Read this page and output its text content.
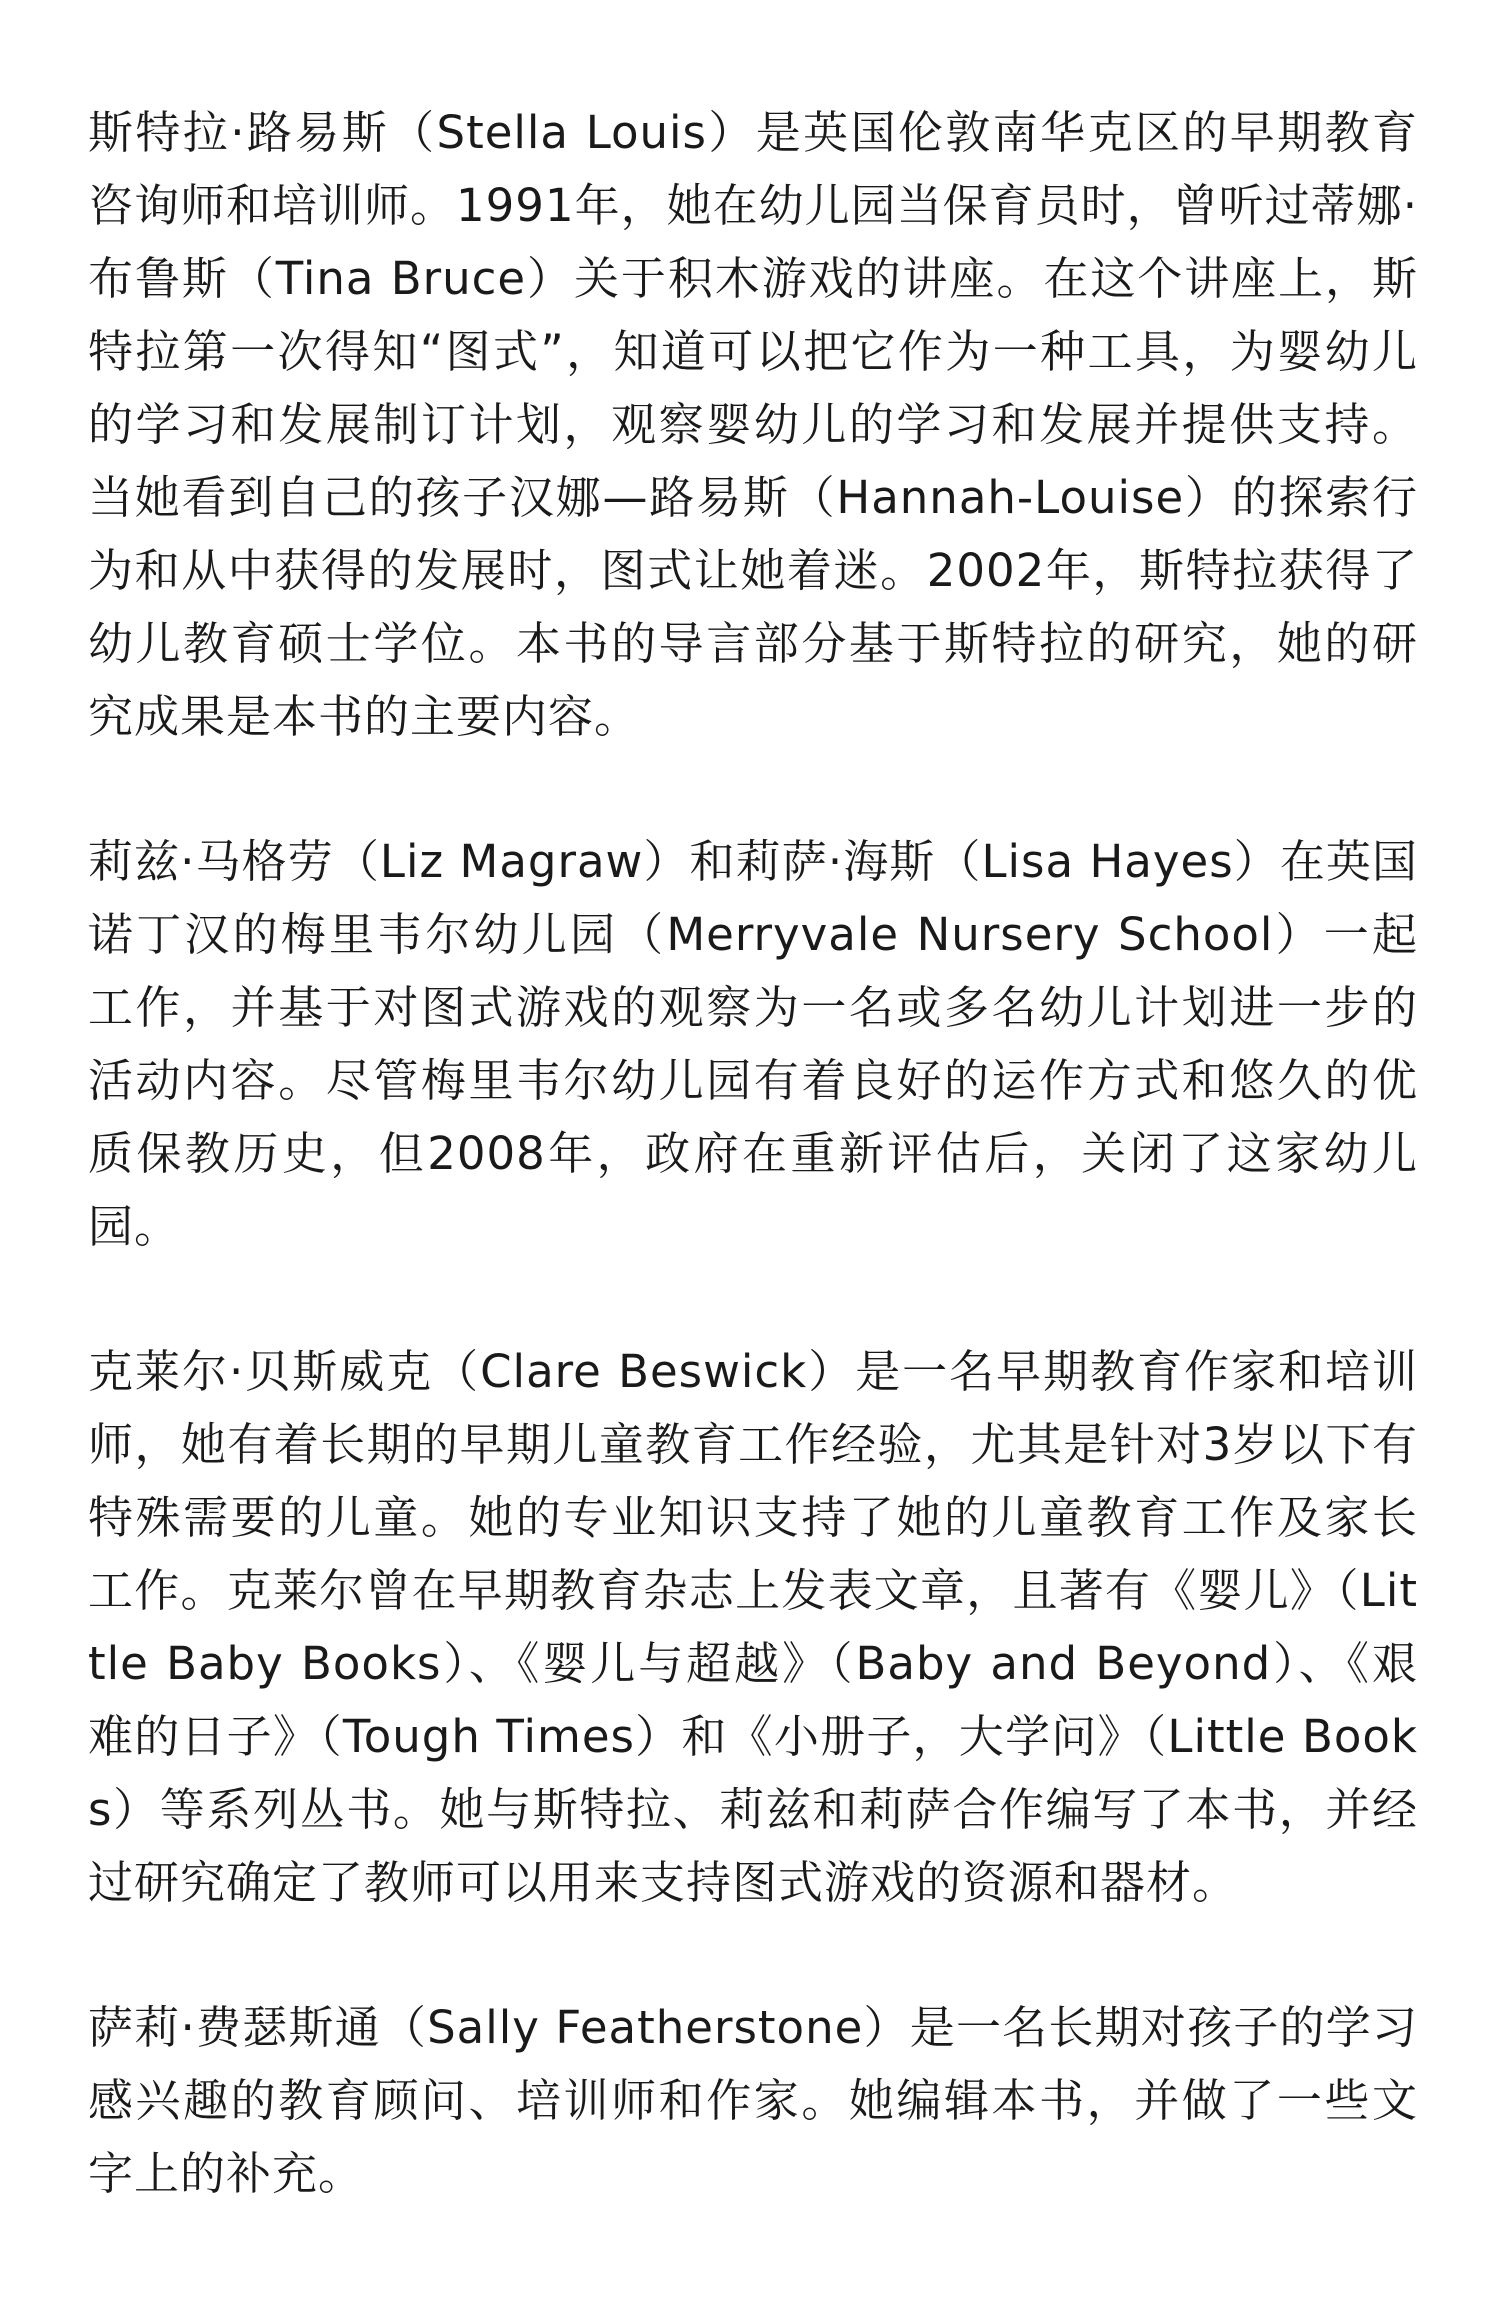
斯特拉·路易斯（Stella Louis）是英国伦敦南华克区的早期教育咨询师和培训师。1991年，她在幼儿园当保育员时，曾听过蒂娜·布鲁斯（Tina Bruce）关于积木游戏的讲座。在这个讲座上，斯特拉第一次得知“图式”，知道可以把它作为一种工具，为婴幼儿的学习和发展制订计划，观察婴幼儿的学习和发展并提供支持。当她看到自己的孩子汉娜—路易斯（Hannah-Louise）的探索行为和从中获得的发展时，图式让她着迷。2002年，斯特拉获得了幼儿教育硕士学位。本书的导言部分基于斯特拉的研究，她的研究成果是本书的主要内容。

莉兹·马格劳（Liz Magraw）和莉萨·海斯（Lisa Hayes）在英国诺丁汉的梅里韦尔幼儿园（Merryvale Nursery School）一起工作，并基于对图式游戏的观察为一名或多名幼儿计划进一步的活动内容。尽管梅里韦尔幼儿园有着良好的运作方式和悠久的优质保教历史，但2008年，政府在重新评估后，关闭了这家幼儿园。

克莱尔·贝斯威克（Clare Beswick）是一名早期教育作家和培训师，她有着长期的早期儿童教育工作经验，尤其是针对3岁以下有特殊需要的儿童。她的专业知识支持了她的儿童教育工作及家长工作。克莱尔曾在早期教育杂志上发表文章，且著有《婴儿》（Little Baby Books）、《婴儿与超越》（Baby and Beyond）、《艰难的日子》（Tough Times）和《小册子，大学问》（Little Books）等系列丛书。她与斯特拉、莉兹和莉萨合作编写了本书，并经过研究确定了教师可以用来支持图式游戏的资源和器材。

萨莉·费瑟斯通（Sally Featherstone）是一名长期对孩子的学习感兴趣的教育顾问、培训师和作家。她编辑本书，并做了一些文字上的补充。
